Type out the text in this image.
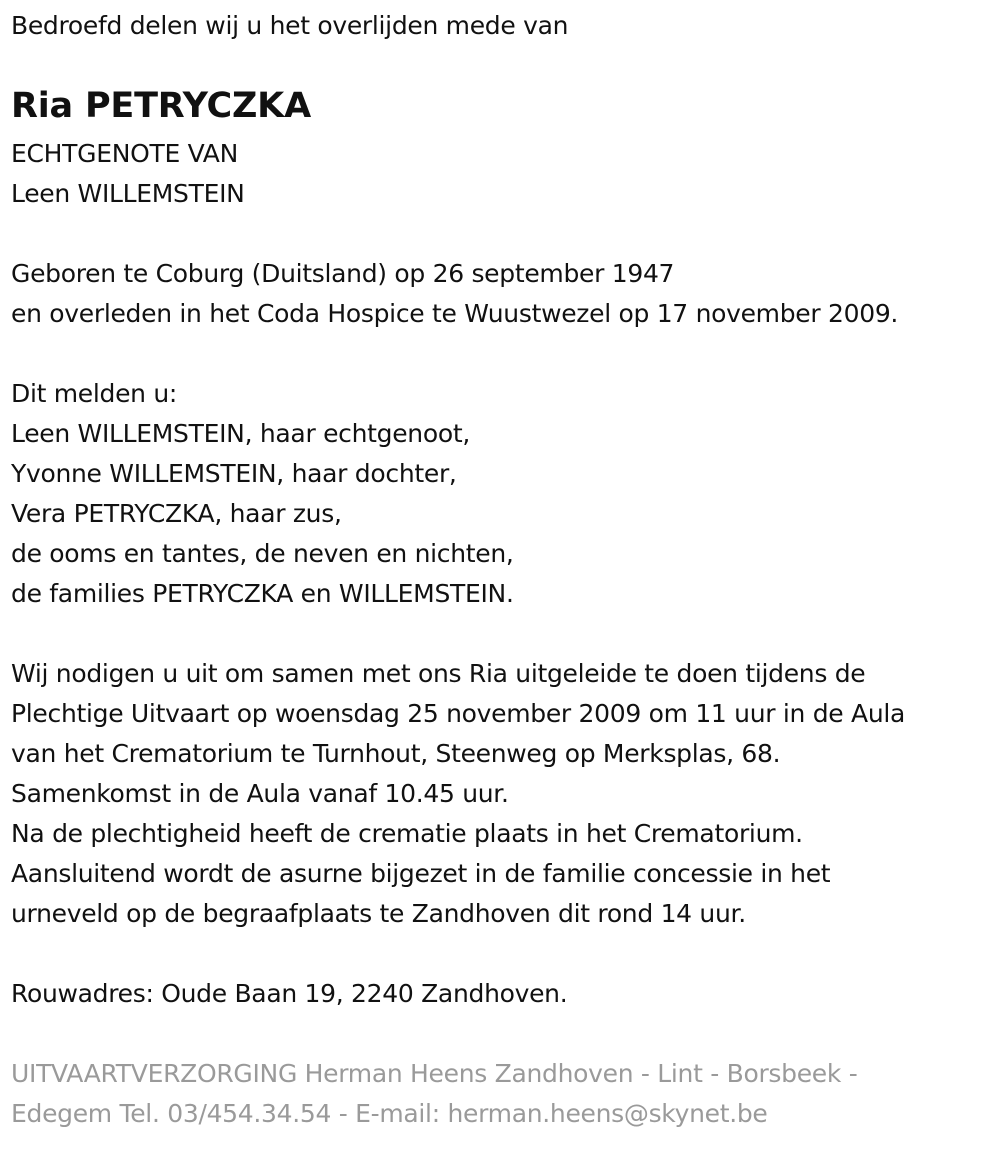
Bedroefd delen wij u het overlijden mede van
Ria PETRYCZKA
ECHTGENOTE VAN
Leen WILLEMSTEIN
Geboren te Coburg (Duitsland) op 26 september 1947
en overleden in het Coda Hospice te Wuustwezel op 17 november 2009.
Dit melden u:
Leen WILLEMSTEIN, haar echtgenoot,
Yvonne WILLEMSTEIN, haar dochter,
Vera PETRYCZKA, haar zus,
de ooms en tantes, de neven en nichten,
de families PETRYCZKA en WILLEMSTEIN.
Wij nodigen u uit om samen met ons Ria uitgeleide te doen tijdens de
Plechtige Uitvaart op woensdag 25 november 2009 om 11 uur in de Aula
van het Crematorium te Turnhout, Steenweg op Merksplas, 68.
Samenkomst in de Aula vanaf 10.45 uur.
Na de plechtigheid heeft de crematie plaats in het Crematorium.
Aansluitend wordt de asurne bijgezet in de familie concessie in het
urneveld op de begraafplaats te Zandhoven dit rond 14 uur.
Rouwadres: Oude Baan 19, 2240 Zandhoven.
UITVAARTVERZORGING Herman Heens Zandhoven - Lint - Borsbeek -
Edegem Tel. 03/454.34.54 - E-mail: herman.heens@skynet.be
